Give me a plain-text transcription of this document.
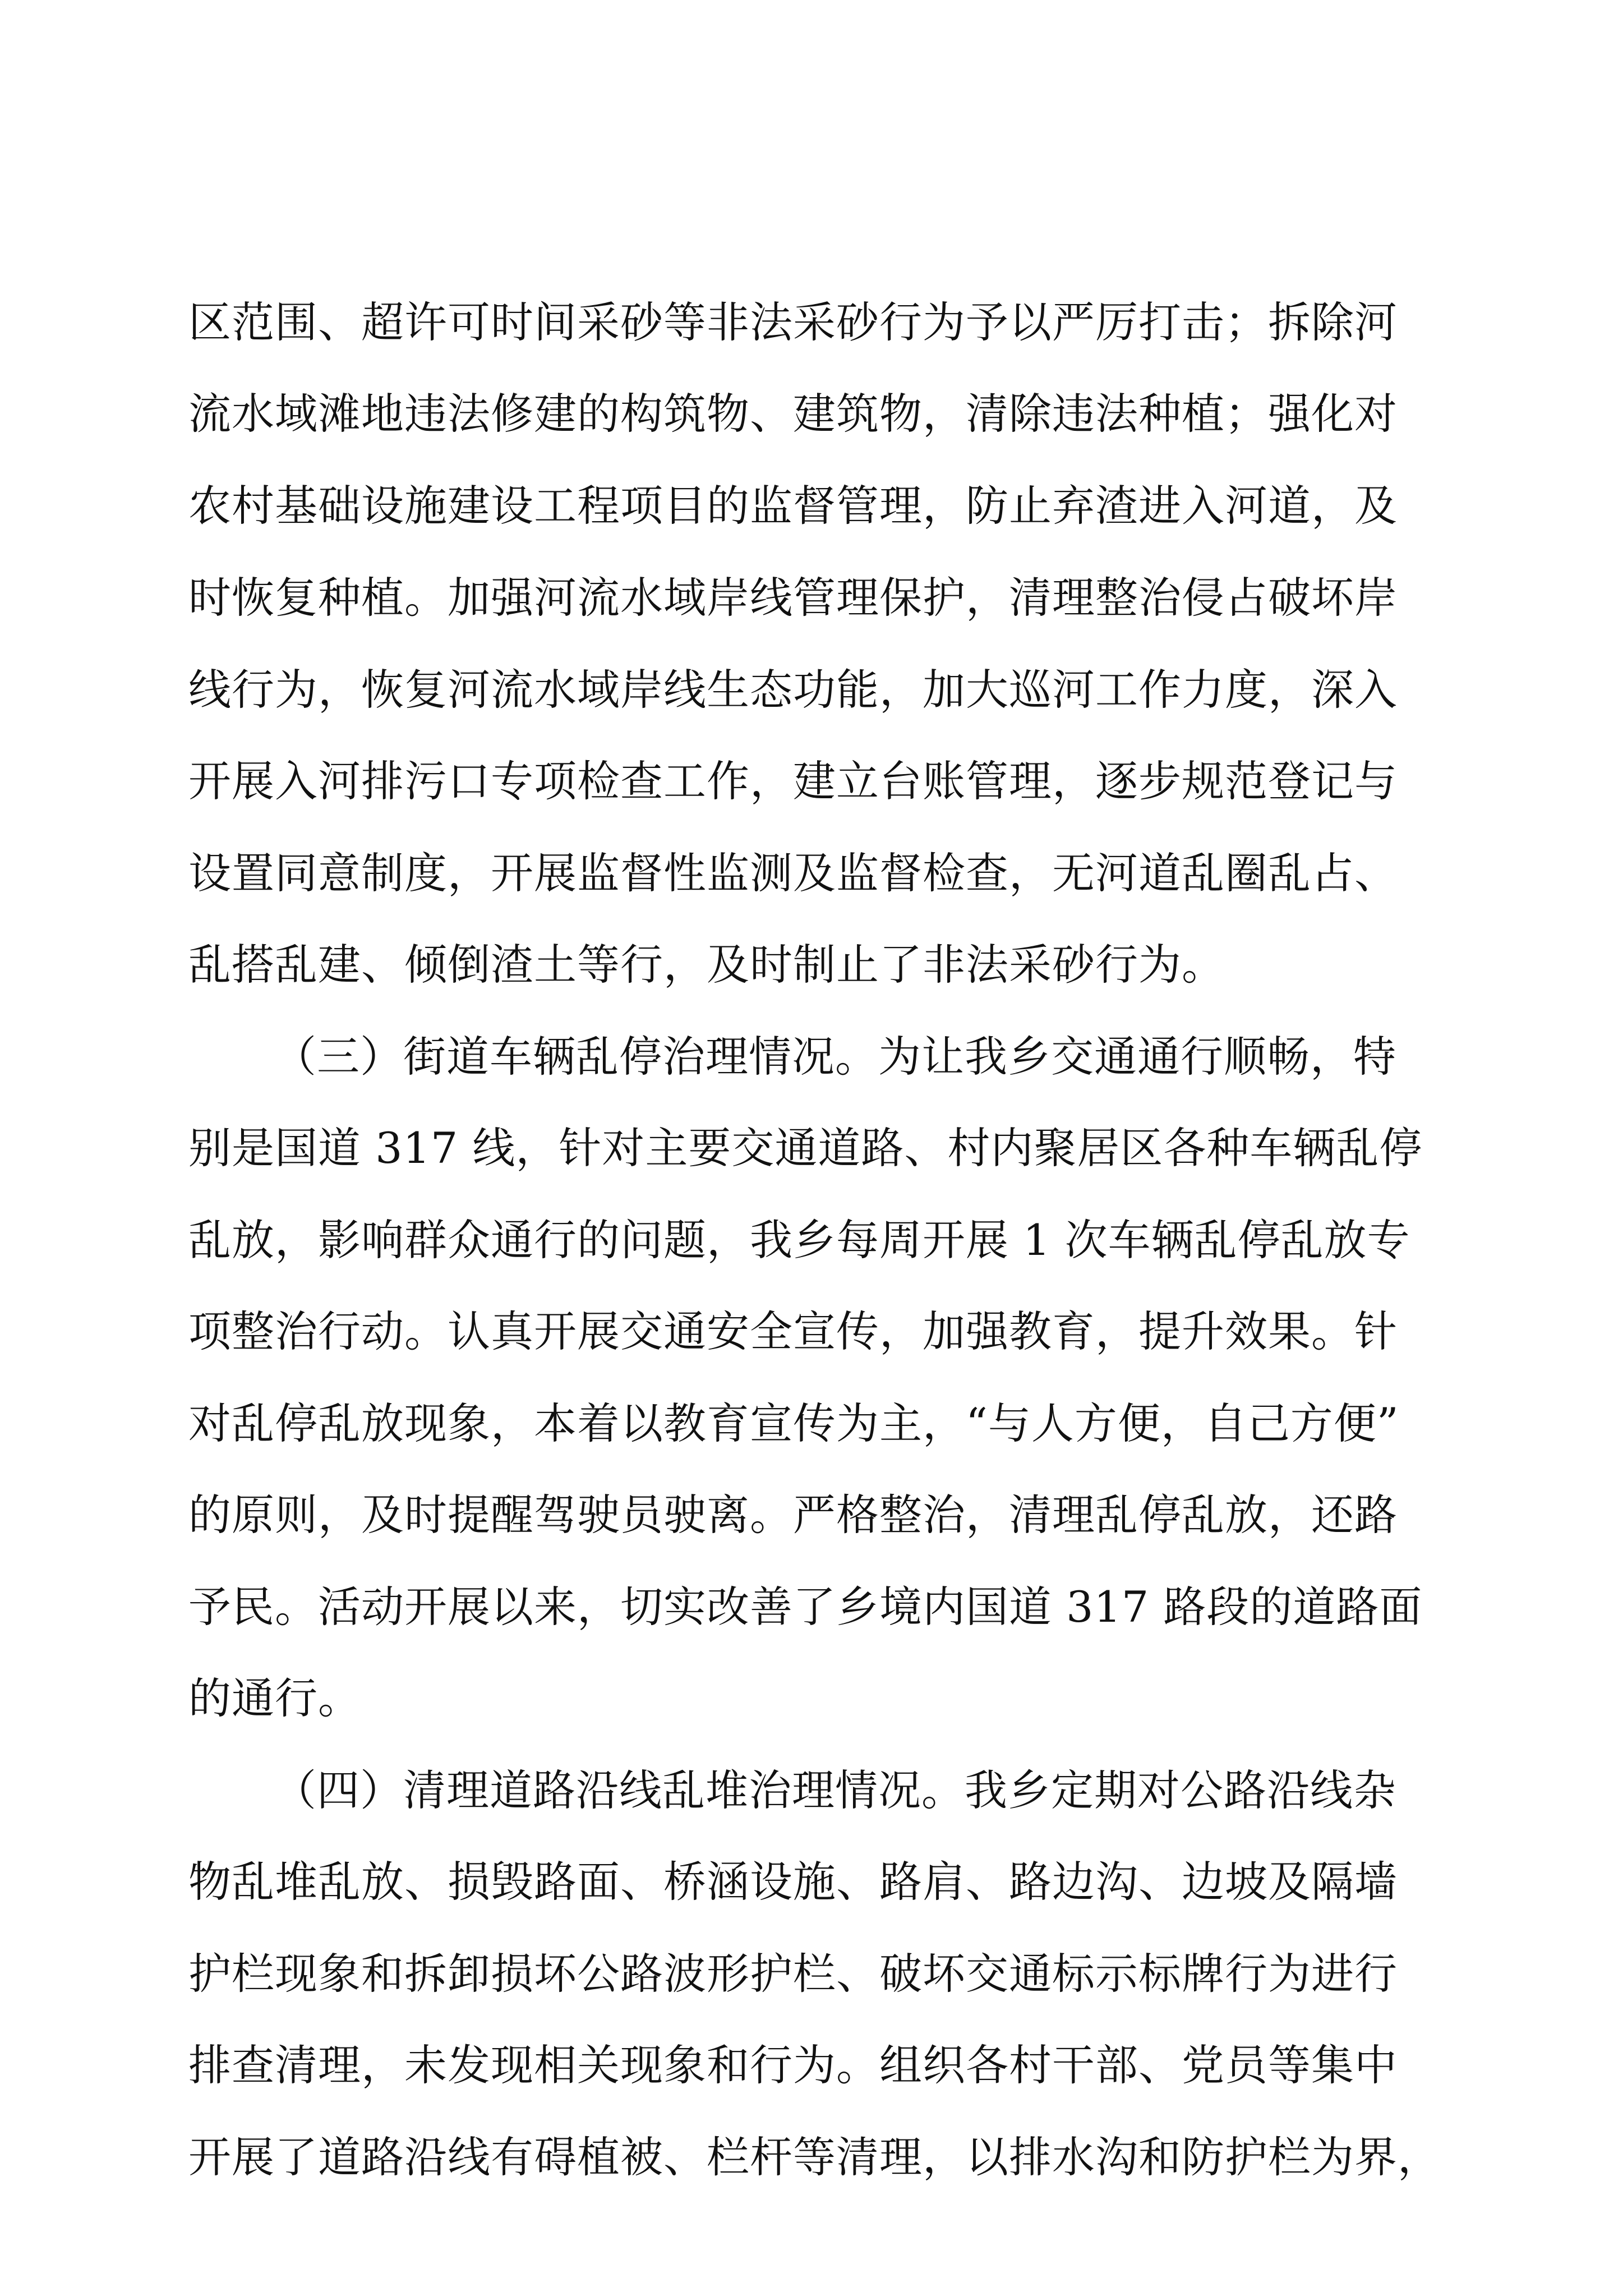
区范围、超许可时间采砂等非法采砂行为予以严厉打击；拆除河
流水域滩地违法修建的构筑物、建筑物，清除违法种植；强化对
农村基础设施建设工程项目的监督管理，防止弃渣进入河道，及
时恢复种植。加强河流水域岸线管理保护，清理整治侵占破坏岸
线行为，恢复河流水域岸线生态功能，加大巡河工作力度，深入
开展入河排污口专项检查工作，建立台账管理，逐步规范登记与
设置同意制度，开展监督性监测及监督检查，无河道乱圈乱占、
乱搭乱建、倾倒渣土等行，及时制止了非法采砂行为。
（三）街道车辆乱停治理情况。为让我乡交通通行顺畅，特
别是国道 317 线，针对主要交通道路、村内聚居区各种车辆乱停
乱放，影响群众通行的问题，我乡每周开展 1 次车辆乱停乱放专
项整治行动。认真开展交通安全宣传，加强教育，提升效果。针
对乱停乱放现象，本着以教育宣传为主，“与人方便，自己方便”
的原则，及时提醒驾驶员驶离。严格整治，清理乱停乱放，还路
予民。活动开展以来，切实改善了乡境内国道 317 路段的道路面
的通行。
（四）清理道路沿线乱堆治理情况。我乡定期对公路沿线杂
物乱堆乱放、损毁路面、桥涵设施、路肩、路边沟、边坡及隔墙
护栏现象和拆卸损坏公路波形护栏、破坏交通标示标牌行为进行
排查清理，未发现相关现象和行为。组织各村干部、党员等集中
开展了道路沿线有碍植被、栏杆等清理，以排水沟和防护栏为界，
